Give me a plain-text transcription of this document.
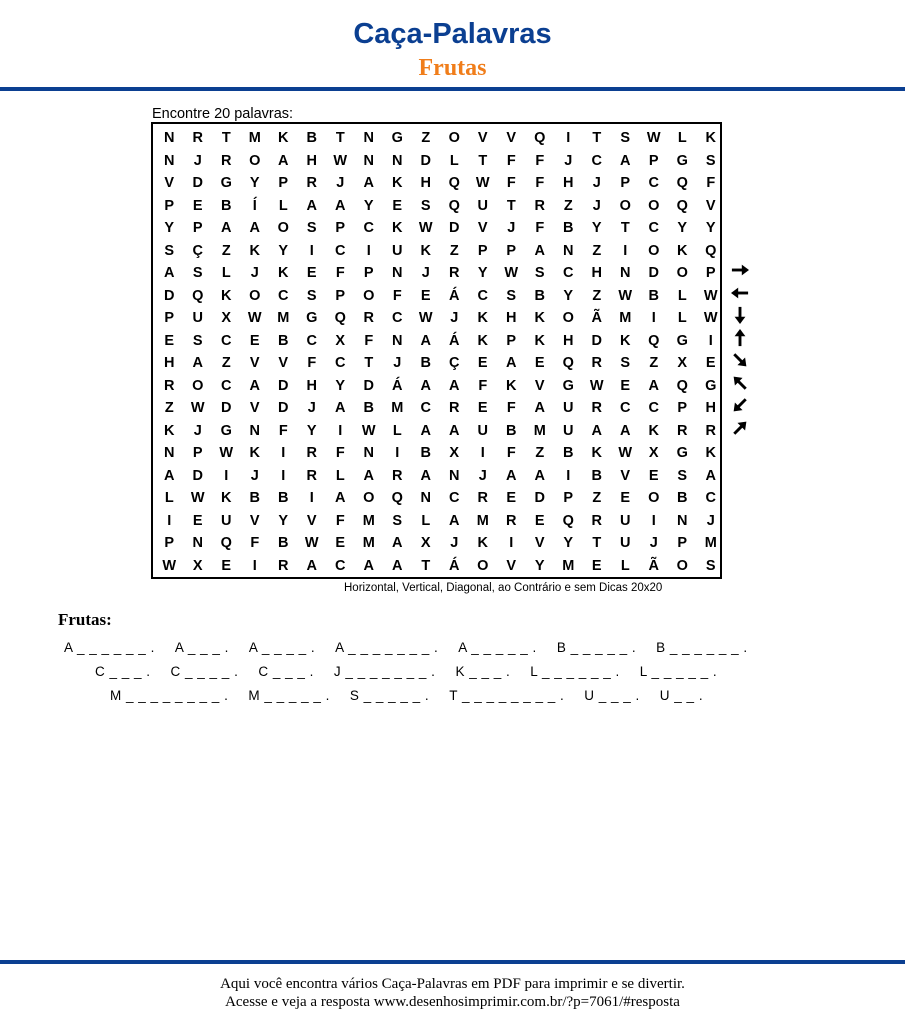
Caça-Palavras
Frutas
Encontre 20 palavras:
N	R	T	M	K	B	T	N	G	Z	O	V	V	Q	I	T	S	W	L	K
N	J	R	O	A	H	W	N	N	D	L	T	F	F	J	C	A	P	G	S
V	D	G	Y	P	R	J	A	K	H	Q	W	F	F	H	J	P	C	Q	F
P	E	B	Í	L	A	A	Y	E	S	Q	U	T	R	Z	J	O	O	Q	V
Y	P	A	A	O	S	P	C	K	W	D	V	J	F	B	Y	T	C	Y	Y
S	Ç	Z	K	Y	I	C	I	U	K	Z	P	P	A	N	Z	I	O	K	Q
A	S	L	J	K	E	F	P	N	J	R	Y	W	S	C	H	N	D	O	P
D	Q	K	O	C	S	P	O	F	E	Á	C	S	B	Y	Z	W	B	L	W
P	U	X	W	M	G	Q	R	C	W	J	K	H	K	O	Ã	M	I	L	W
E	S	C	E	B	C	X	F	N	A	Á	K	P	K	H	D	K	Q	G	I
H	A	Z	V	V	F	C	T	J	B	Ç	E	A	E	Q	R	S	Z	X	E
R	O	C	A	D	H	Y	D	Á	A	A	F	K	V	G	W	E	A	Q	G
Z	W	D	V	D	J	A	B	M	C	R	E	F	A	U	R	C	C	P	H
K	J	G	N	F	Y	I	W	L	A	A	U	B	M	U	A	A	K	R	R
N	P	W	K	I	R	F	N	I	B	X	I	F	Z	B	K	W	X	G	K
A	D	I	J	I	R	L	A	R	A	N	J	A	A	I	B	V	E	S	A
L	W	K	B	B	I	A	O	Q	N	C	R	E	D	P	Z	E	O	B	C
I	E	U	V	Y	V	F	M	S	L	A	M	R	E	Q	R	U	I	N	J
P	N	Q	F	B	W	E	M	A	X	J	K	I	V	Y	T	U	J	P	M
W	X	E	I	R	A	C	A	A	T	Á	O	V	Y	M	E	L	Ã	O	S
Horizontal, Vertical, Diagonal, ao Contrário e sem Dicas 20x20
Frutas:
A _ _ _ _ _ _ . A _ _ _ . A _ _ _ _ . A _ _ _ _ _ _ _ . A _ _ _ _ _ . B _ _ _ _ _ . B _ _ _ _ _ _ .
C _ _ _ . C _ _ _ _ . C _ _ _ . J _ _ _ _ _ _ _ . K _ _ _ . L _ _ _ _ _ _ . L _ _ _ _ _ .
M _ _ _ _ _ _ _ _ . M _ _ _ _ _ . S _ _ _ _ _ . T _ _ _ _ _ _ _ _ . U _ _ _ . U _ _ .
Aqui você encontra vários Caça-Palavras em PDF para imprimir e se divertir.
Acesse e veja a resposta www.desenhosimprimir.com.br/?p=7061/#resposta
